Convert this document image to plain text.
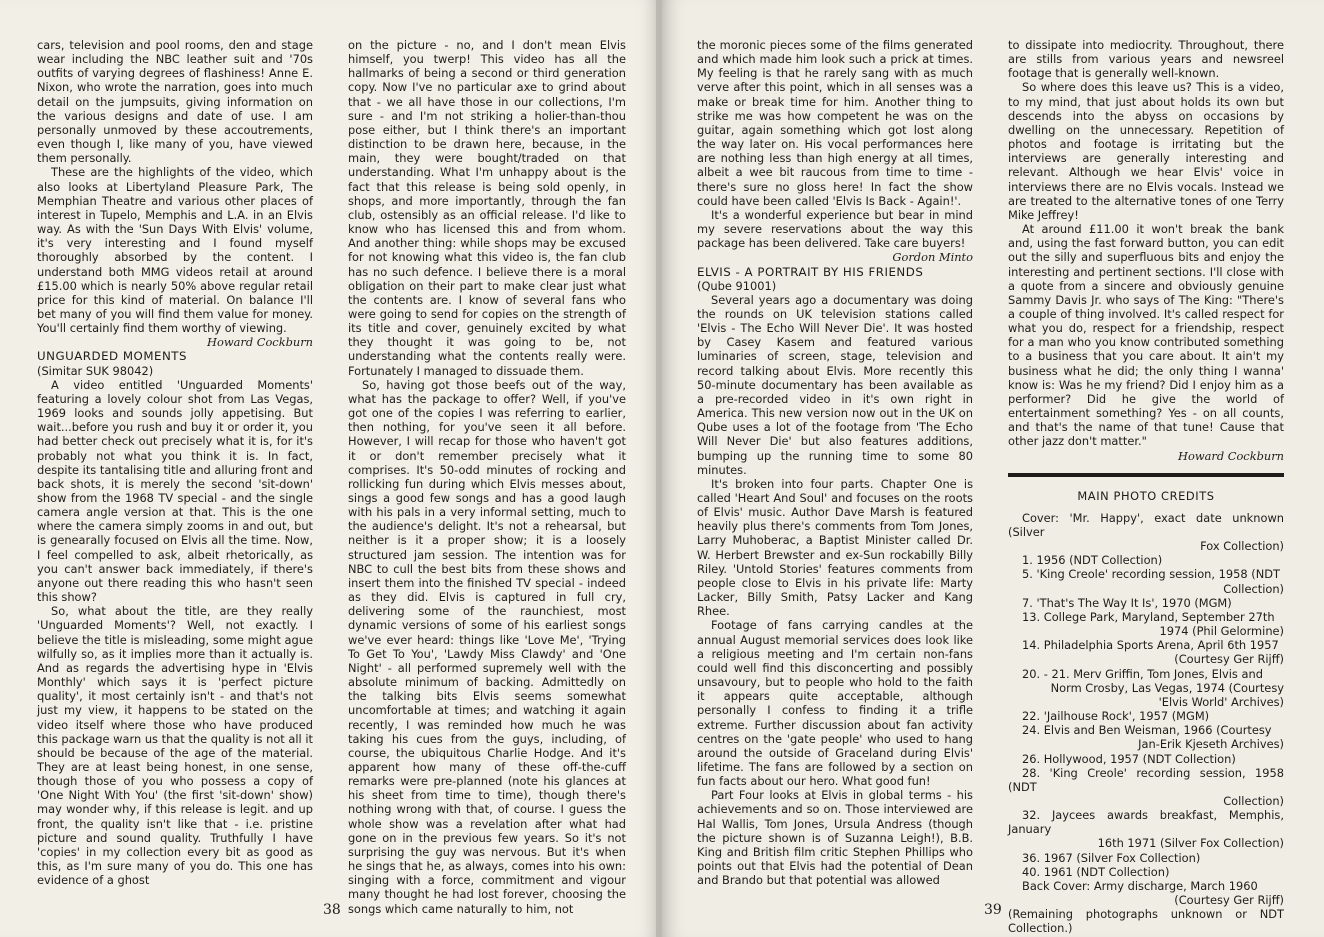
cars, television and pool rooms, den and stage wear including the NBC leather suit and '70s outfits of varying degrees of flashiness! Anne E. Nixon, who wrote the narration, goes into much detail on the jumpsuits, giving information on the various designs and date of use. I am personally unmoved by these accoutrements, even though I, like many of you, have viewed them personally.

These are the highlights of the video, which also looks at Libertyland Pleasure Park, The Memphian Theatre and various other places of interest in Tupelo, Memphis and L.A. in an Elvis way. As with the 'Sun Days With Elvis' volume, it's very interesting and I found myself thoroughly absorbed by the content. I understand both MMG videos retail at around £15.00 which is nearly 50% above regular retail price for this kind of material. On balance I'll bet many of you will find them value for money. You'll certainly find them worthy of viewing.

Howard Cockburn

UNGUARDED MOMENTS

(Simitar SUK 98042)

A video entitled 'Unguarded Moments' featuring a lovely colour shot from Las Vegas, 1969 looks and sounds jolly appetising. But wait...before you rush and buy it or order it, you had better check out precisely what it is, for it's probably not what you think it is. In fact, despite its tantalising title and alluring front and back shots, it is merely the second 'sit-down' show from the 1968 TV special - and the single camera angle version at that. This is the one where the camera simply zooms in and out, but is genearally focused on Elvis all the time. Now, I feel compelled to ask, albeit rhetorically, as you can't answer back immediately, if there's anyone out there reading this who hasn't seen this show?

So, what about the title, are they really 'Unguarded Moments'? Well, not exactly. I believe the title is misleading, some might ague wilfully so, as it implies more than it actually is. And as regards the advertising hype in 'Elvis Monthly' which says it is 'perfect picture quality', it most certainly isn't - and that's not just my view, it happens to be stated on the video itself where those who have produced this package warn us that the quality is not all it should be because of the age of the material. They are at least being honest, in one sense, though those of you who possess a copy of 'One Night With You' (the first 'sit-down' show) may wonder why, if this release is legit. and up front, the quality isn't like that - i.e. pristine picture and sound quality. Truthfully I have 'copies' in my collection every bit as good as this, as I'm sure many of you do. This one has evidence of a ghost

on the picture - no, and I don't mean Elvis himself, you twerp! This video has all the hallmarks of being a second or third generation copy. Now I've no particular axe to grind about that - we all have those in our collections, I'm sure - and I'm not striking a holier-than-thou pose either, but I think there's an important distinction to be drawn here, because, in the main, they were bought/traded on that understanding. What I'm unhappy about is the fact that this release is being sold openly, in shops, and more importantly, through the fan club, ostensibly as an official release. I'd like to know who has licensed this and from whom. And another thing: while shops may be excused for not knowing what this video is, the fan club has no such defence. I believe there is a moral obligation on their part to make clear just what the contents are. I know of several fans who were going to send for copies on the strength of its title and cover, genuinely excited by what they thought it was going to be, not understanding what the contents really were. Fortunately I managed to dissuade them.

So, having got those beefs out of the way, what has the package to offer? Well, if you've got one of the copies I was referring to earlier, then nothing, for you've seen it all before. However, I will recap for those who haven't got it or don't remember precisely what it comprises. It's 50-odd minutes of rocking and rollicking fun during which Elvis messes about, sings a good few songs and has a good laugh with his pals in a very informal setting, much to the audience's delight. It's not a rehearsal, but neither is it a proper show; it is a loosely structured jam session. The intention was for NBC to cull the best bits from these shows and insert them into the finished TV special - indeed as they did. Elvis is captured in full cry, delivering some of the raunchiest, most dynamic versions of some of his earliest songs we've ever heard: things like 'Love Me', 'Trying To Get To You', 'Lawdy Miss Clawdy' and 'One Night' - all performed supremely well with the absolute minimum of backing. Admittedly on the talking bits Elvis seems somewhat uncomfortable at times; and watching it again recently, I was reminded how much he was taking his cues from the guys, including, of course, the ubiquitous Charlie Hodge. And it's apparent how many of these off-the-cuff remarks were pre-planned (note his glances at his sheet from time to time), though there's nothing wrong with that, of course. I guess the whole show was a revelation after what had gone on in the previous few years. So it's not surprising the guy was nervous. But it's when he sings that he, as always, comes into his own: singing with a force, commitment and vigour many thought he had lost forever, choosing the songs which came naturally to him, not

38

the moronic pieces some of the films generated and which made him look such a prick at times. My feeling is that he rarely sang with as much verve after this point, which in all senses was a make or break time for him. Another thing to strike me was how competent he was on the guitar, again something which got lost along the way later on. His vocal performances here are nothing less than high energy at all times, albeit a wee bit raucous from time to time - there's sure no gloss here! In fact the show could have been called 'Elvis Is Back - Again!'.

It's a wonderful experience but bear in mind my severe reservations about the way this package has been delivered. Take care buyers!

Gordon Minto

ELVIS - A PORTRAIT BY HIS FRIENDS

(Qube 91001)

Several years ago a documentary was doing the rounds on UK television stations called 'Elvis - The Echo Will Never Die'. It was hosted by Casey Kasem and featured various luminaries of screen, stage, television and record talking about Elvis. More recently this 50-minute documentary has been available as a pre-recorded video in it's own right in America. This new version now out in the UK on Qube uses a lot of the footage from 'The Echo Will Never Die' but also features additions, bumping up the running time to some 80 minutes.

It's broken into four parts. Chapter One is called 'Heart And Soul' and focuses on the roots of Elvis' music. Author Dave Marsh is featured heavily plus there's comments from Tom Jones, Larry Muhoberac, a Baptist Minister called Dr. W. Herbert Brewster and ex-Sun rockabilly Billy Riley. 'Untold Stories' features comments from people close to Elvis in his private life: Marty Lacker, Billy Smith, Patsy Lacker and Kang Rhee.

Footage of fans carrying candles at the annual August memorial services does look like a religious meeting and I'm certain non-fans could well find this disconcerting and possibly unsavoury, but to people who hold to the faith it appears quite acceptable, although personally I confess to finding it a trifle extreme. Further discussion about fan activity centres on the 'gate people' who used to hang around the outside of Graceland during Elvis' lifetime. The fans are followed by a section on fun facts about our hero. What good fun!

Part Four looks at Elvis in global terms - his achievements and so on. Those interviewed are Hal Wallis, Tom Jones, Ursula Andress (though the picture shown is of Suzanna Leigh!), B.B. King and British film critic Stephen Phillips who points out that Elvis had the potential of Dean and Brando but that potential was allowed

to dissipate into mediocrity. Throughout, there are stills from various years and newsreel footage that is generally well-known.

So where does this leave us? This is a video, to my mind, that just about holds its own but descends into the abyss on occasions by dwelling on the unnecessary. Repetition of photos and footage is irritating but the interviews are generally interesting and relevant. Although we hear Elvis' voice in interviews there are no Elvis vocals. Instead we are treated to the alternative tones of one Terry Mike Jeffrey!

At around £11.00 it won't break the bank and, using the fast forward button, you can edit out the silly and superfluous bits and enjoy the interesting and pertinent sections. I'll close with a quote from a sincere and obviously genuine Sammy Davis Jr. who says of The King: "There's a couple of thing involved. It's called respect for what you do, respect for a friendship, respect for a man who you know contributed something to a business that you care about. It ain't my business what he did; the only thing I wanna' know is: Was he my friend? Did I enjoy him as a performer? Did he give the world of entertainment something? Yes - on all counts, and that's the name of that tune! Cause that other jazz don't matter."

Howard Cockburn

MAIN PHOTO CREDITS

Cover: 'Mr. Happy', exact date unknown (Silver
Fox Collection)

1. 1956 (NDT Collection)

5. 'King Creole' recording session, 1958 (NDT
Collection)

7. 'That's The Way It Is', 1970 (MGM)

13. College Park, Maryland, September 27th
1974 (Phil Gelormine)

14. Philadelphia Sports Arena, April 6th 1957
(Courtesy Ger Rijff)

20. - 21. Merv Griffin, Tom Jones, Elvis and
Norm Crosby, Las Vegas, 1974 (Courtesy 'Elvis World' Archives)

22. 'Jailhouse Rock', 1957 (MGM)

24. Elvis and Ben Weisman, 1966 (Courtesy
Jan-Erik Kjeseth Archives)

26. Hollywood, 1957 (NDT Collection)

28. 'King Creole' recording session, 1958 (NDT
Collection)

32. Jaycees awards breakfast, Memphis, January
16th 1971 (Silver Fox Collection)

36. 1967 (Silver Fox Collection)

40. 1961 (NDT Collection)

Back Cover: Army discharge, March 1960
(Courtesy Ger Rijff)

(Remaining photographs unknown or NDT Collection.)

39
